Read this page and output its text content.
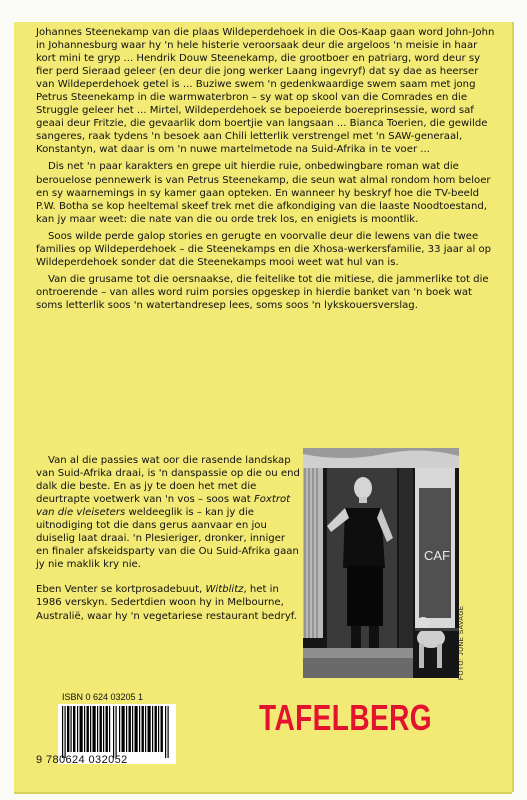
Johannes Steenekamp van die plaas Wildeperdehoek in die Oos-Kaap gaan word John-John in Johannesburg waar hy 'n hele histerie veroorsaak deur die argeloos 'n meisie in haar kort mini te gryp ... Hendrik Douw Steenekamp, die grootboer en patriarg, word deur sy fier perd Sieraad geleer (en deur die jong werker Laang ingevryf) dat sy dae as heerser van Wildeperdehoek getel is ... Buziwe swem 'n gedenkwaardige swem saam met jong Petrus Steenekamp in die warmwaterbron – sy wat op skool van die Comrades en die Struggle geleer het ... Mirtel, Wildeperdehoek se bepoeierde boereprinsessie, word saf geaai deur Fritzie, die gevaarlik dom boertjie van langsaan ... Bianca Toerien, die gewilde sangeres, raak tydens 'n besoek aan Chili letterlik verstrengel met 'n SAW-generaal, Konstantyn, wat daar is om 'n nuwe martelmetode na Suid-Afrika in te voer ...

Dis net 'n paar karakters en grepe uit hierdie ruie, onbedwingbare roman wat die berouelose pennewerk is van Petrus Steenekamp, die seun wat almal rondom hom beloer en sy waarnemings in sy kamer gaan opteken. En wanneer hy beskryf hoe die TV-beeld P.W. Botha se kop heeltemal skeef trek met die afkondiging van die laaste Noodtoestand, kan jy maar weet: die nate van die ou orde trek los, en enigiets is moontlik.

Soos wilde perde galop stories en gerugte en voorvalle deur die lewens van die twee families op Wildeperdehoek – die Steenekamps en die Xhosa-werkersfamilie, 33 jaar al op Wildeperdehoek sonder dat die Steenekamps mooi weet wat hul van is.

Van die grusame tot die oersnaakse, die feitelike tot die mitiese, die jammerlike tot die ontroerende – van alles word ruim porsies opgeskep in hierdie banket van 'n boek wat soms letterlik soos 'n watertandresep lees, soms soos 'n lykskouersverslag.

Van al die passies wat oor die rasende landskap van Suid-Afrika draai, is 'n danspassie op die ou end dalk die beste. En as jy te doen het met die deurtrapte voetwerk van 'n vos – soos wat Foxtrot van die vleiseters weldeeglik is – kan jy die uitnodiging tot die dans gerus aanvaar en jou duiselig laat draai. 'n Plesieriger, dronker, inniger en finaler afskeidsparty van die Ou Suid-Afrika gaan jy nie maklik kry nie.

Eben Venter se kortprosadebuut, Witblitz, het in 1986 verskyn. Sedertdien woon hy in Melbourne, Australië, waar hy 'n vegetariese restaurant bedryf.

CAF
FOTO: JUNE SAVAGE
ISBN 0 624 03205 1
9 780624 032052
TAFELBERG
